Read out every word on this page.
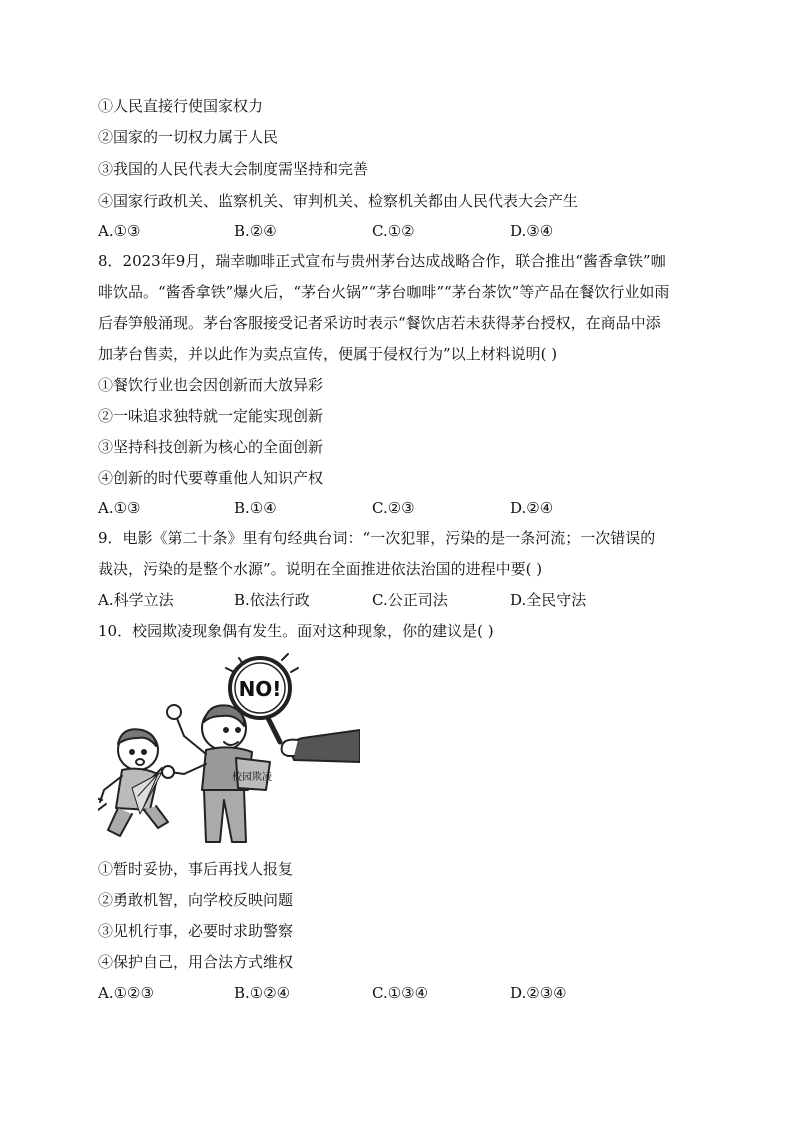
①人民直接行使国家权力
②国家的一切权力属于人民
③我国的人民代表大会制度需坚持和完善
④国家行政机关、监察机关、审判机关、检察机关都由人民代表大会产生
A.①③	B.②④	C.①②	D.③④
8．2023年9月，瑞幸咖啡正式宣布与贵州茅台达成战略合作，联合推出“酱香拿铁”咖
啡饮品。“酱香拿铁”爆火后，“茅台火锅”“茅台咖啡”“茅台茶饮”等产品在餐饮行业如雨
后春笋般涌现。茅台客服接受记者采访时表示“餐饮店若未获得茅台授权，在商品中添
加茅台售卖，并以此作为卖点宣传，便属于侵权行为”以上材料说明( )
①餐饮行业也会因创新而大放异彩
②一味追求独特就一定能实现创新
③坚持科技创新为核心的全面创新
④创新的时代要尊重他人知识产权
A.①③	B.①④	C.②③	D.②④
9．电影《第二十条》里有句经典台词：“一次犯罪，污染的是一条河流；一次错误的
裁决，污染的是整个水源”。说明在全面推进依法治国的进程中要( )
A.科学立法	B.依法行政	C.公正司法	D.全民守法
10．校园欺凌现象偶有发生。面对这种现象，你的建议是( )
NO!
校园欺凌
①暂时妥协，事后再找人报复
②勇敢机智，向学校反映问题
③见机行事，必要时求助警察
④保护自己，用合法方式维权
A.①②③	B.①②④	C.①③④	D.②③④
